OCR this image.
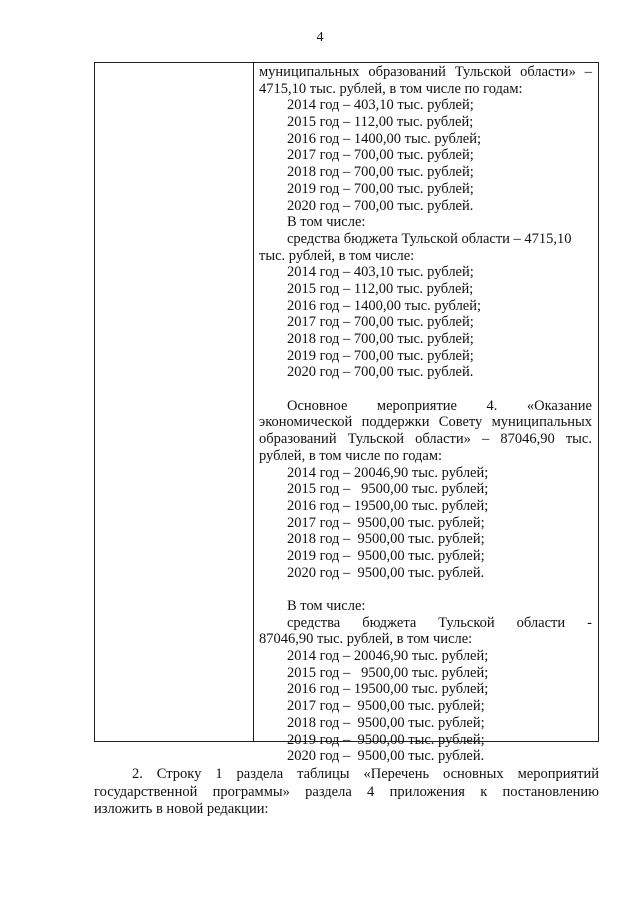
4
муниципальных образований Тульской области» –
4715,10 тыс. рублей, в том числе по годам:
2014 год – 403,10 тыс. рублей;
2015 год – 112,00 тыс. рублей;
2016 год – 1400,00 тыс. рублей;
2017 год – 700,00 тыс. рублей;
2018 год – 700,00 тыс. рублей;
2019 год – 700,00 тыс. рублей;
2020 год – 700,00 тыс. рублей.
В том числе:
средства бюджета Тульской области – 4715,10
тыс. рублей, в том числе:
2014 год – 403,10 тыс. рублей;
2015 год – 112,00 тыс. рублей;
2016 год – 1400,00 тыс. рублей;
2017 год – 700,00 тыс. рублей;
2018 год – 700,00 тыс. рублей;
2019 год – 700,00 тыс. рублей;
2020 год – 700,00 тыс. рублей.
Основное мероприятие 4. «Оказание
экономической поддержки Совету муниципальных
образований Тульской области» – 87046,90 тыс.
рублей, в том числе по годам:
2014 год – 20046,90 тыс. рублей;
2015 год –   9500,00 тыс. рублей;
2016 год – 19500,00 тыс. рублей;
2017 год –  9500,00 тыс. рублей;
2018 год –  9500,00 тыс. рублей;
2019 год –  9500,00 тыс. рублей;
2020 год –  9500,00 тыс. рублей.
В том числе:
средства бюджета Тульской области -
87046,90 тыс. рублей, в том числе:
2014 год – 20046,90 тыс. рублей;
2015 год –   9500,00 тыс. рублей;
2016 год – 19500,00 тыс. рублей;
2017 год –  9500,00 тыс. рублей;
2018 год –  9500,00 тыс. рублей;
2019 год –  9500,00 тыс. рублей;
2020 год –  9500,00 тыс. рублей.
2. Строку 1 раздела таблицы «Перечень основных мероприятий
государственной программы» раздела 4 приложения к постановлению
изложить в новой редакции:
